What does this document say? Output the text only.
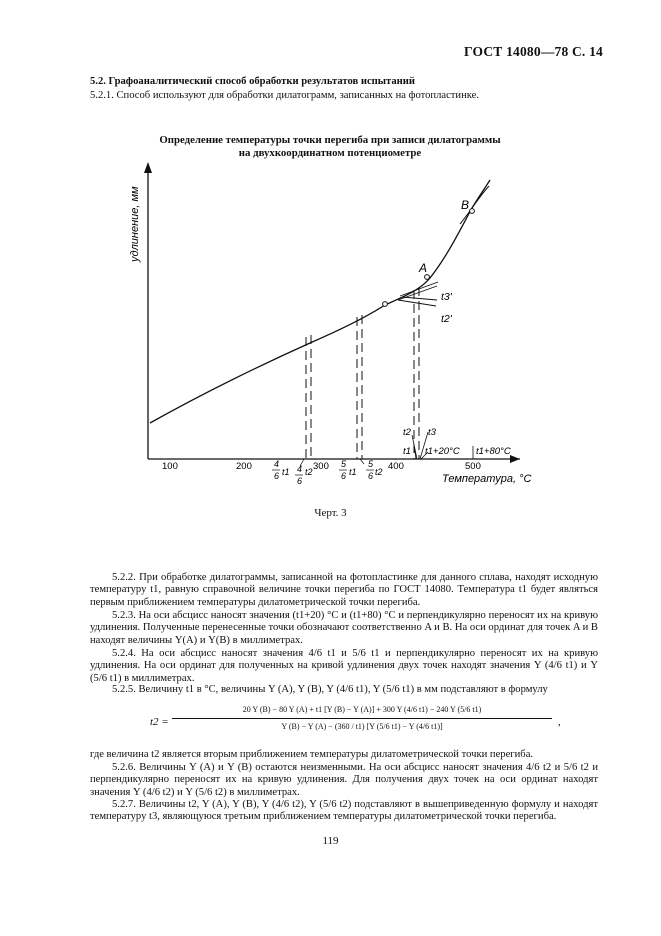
ГОСТ 14080—78 С. 14
5.2. Графоаналитический способ обработки результатов испытаний
5.2.1. Способ используют для обработки дилатограмм, записанных на фотопластинке.
Определение температуры точки перегиба при записи дилатограммы
на двухкоординатном потенциометре
удлинение, мм
100	200	300	400	500
Температура, °С
A
B
t3'
t2'
t1
t2 t3
t1+20°C t1+80°C
4
6 t1 4
6
t2
5
6 t1
5
6 t2
Черт. 3
5.2.2. При обработке дилатограммы, записанной на фотопластинке для данного сплава, находят исходную температуру t1, равную справочной величине точки перегиба по ГОСТ 14080. Температура t1 будет являться первым приближением температуры дилатометрической точки перегиба.
5.2.3. На оси абсцисс наносят значения (t1+20) °C и (t1+80) °C и перпендикулярно переносят их на кривую удлинения. Полученные перенесенные точки обозначают соответственно A и B. На оси ординат для точек A и B находят величины Y(A) и Y(B) в миллиметрах.
5.2.4. На оси абсцисс наносят значения 4/6 t1 и 5/6 t1 и перпендикулярно переносят их на кривую удлинения. На оси ординат для полученных на кривой удлинения двух точек находят значения Y (4/6 t1) и Y (5/6 t1) в миллиметрах.
5.2.5. Величину t1 в °C, величины Y (A), Y (B), Y (4/6 t1), Y (5/6 t1) в мм подставляют в формулу
t2 =
20 Y (B) − 80 Y (A) + t1 [Y (B) − Y (A)] + 300 Y (4/6 t1) − 240 Y (5/6 t1)
Y (B) − Y (A) − (360 / t1) [Y (5/6 t1) − Y (4/6 t1)]	,
где величина t2 является вторым приближением температуры дилатометрической точки перегиба.
5.2.6. Величины Y (A) и Y (B) остаются неизменными. На оси абсцисс наносят значения 4/6 t2 и 5/6 t2 и перпендикулярно переносят их на кривую удлинения. Для получения двух точек на оси ординат находят значения Y (4/6 t2) и Y (5/6 t2) в миллиметрах.
5.2.7. Величины t2, Y (A), Y (B), Y (4/6 t2), Y (5/6 t2) подставляют в вышеприведенную формулу и находят температуру t3, являющуюся третьим приближением температуры дилатометрической точки перегиба.
119
